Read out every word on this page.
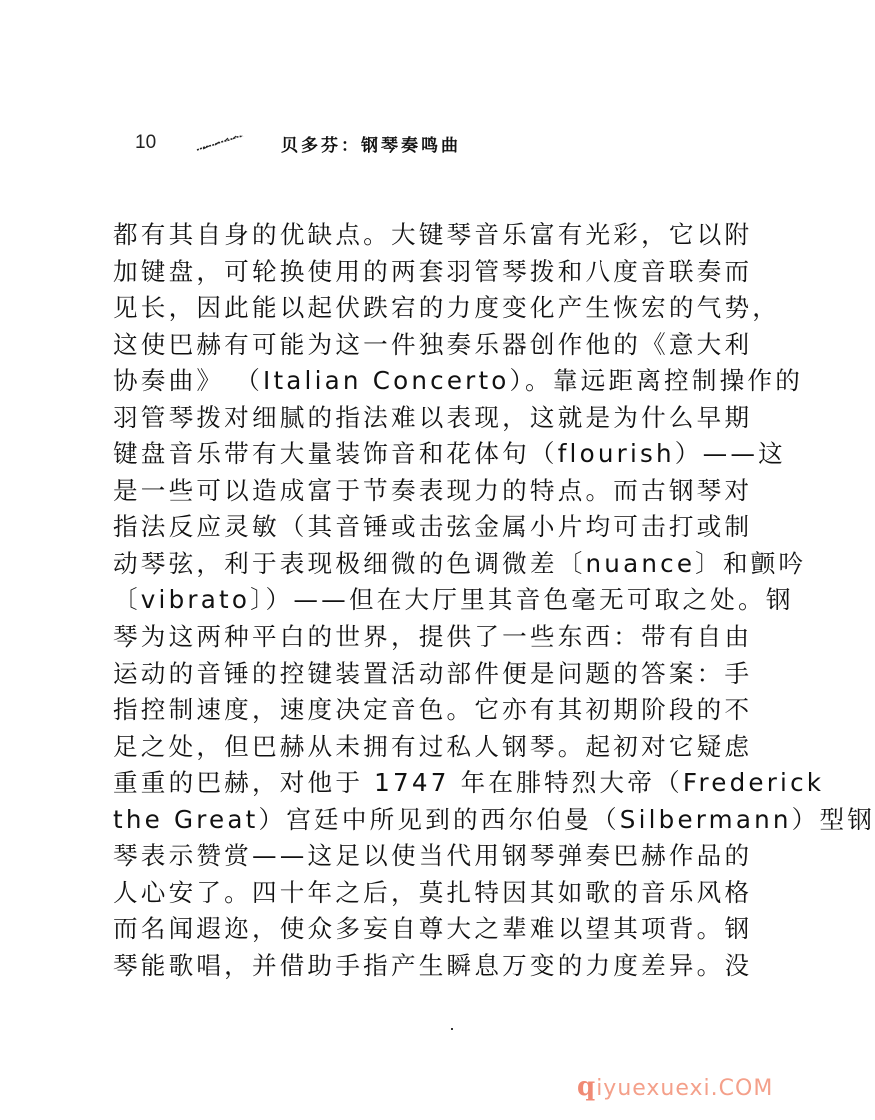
10	贝多芬：钢琴奏鸣曲
都有其自身的优缺点。大键琴音乐富有光彩，它以附
加键盘，可轮换使用的两套羽管琴拨和八度音联奏而
见长，因此能以起伏跌宕的力度变化产生恢宏的气势，
这使巴赫有可能为这一件独奏乐器创作他的《意大利
协奏曲》 （Italian Concerto）。靠远距离控制操作的
羽管琴拨对细腻的指法难以表现，这就是为什么早期
键盘音乐带有大量装饰音和花体句（flourish）——这
是一些可以造成富于节奏表现力的特点。而古钢琴对
指法反应灵敏（其音锤或击弦金属小片均可击打或制
动琴弦，利于表现极细微的色调微差〔nuance〕和颤吟
〔vibrato〕）——但在大厅里其音色毫无可取之处。钢
琴为这两种平白的世界，提供了一些东西：带有自由
运动的音锤的控键装置活动部件便是问题的答案：手
指控制速度，速度决定音色。它亦有其初期阶段的不
足之处，但巴赫从未拥有过私人钢琴。起初对它疑虑
重重的巴赫，对他于 1747 年在腓特烈大帝（Frederick
the Great）宫廷中所见到的西尔伯曼（Silbermann）型钢
琴表示赞赏——这足以使当代用钢琴弹奏巴赫作品的
人心安了。四十年之后，莫扎特因其如歌的音乐风格
而名闻遐迩，使众多妄自尊大之辈难以望其项背。钢
琴能歌唱，并借助手指产生瞬息万变的力度差异。没
qiyuexuexi.COM
